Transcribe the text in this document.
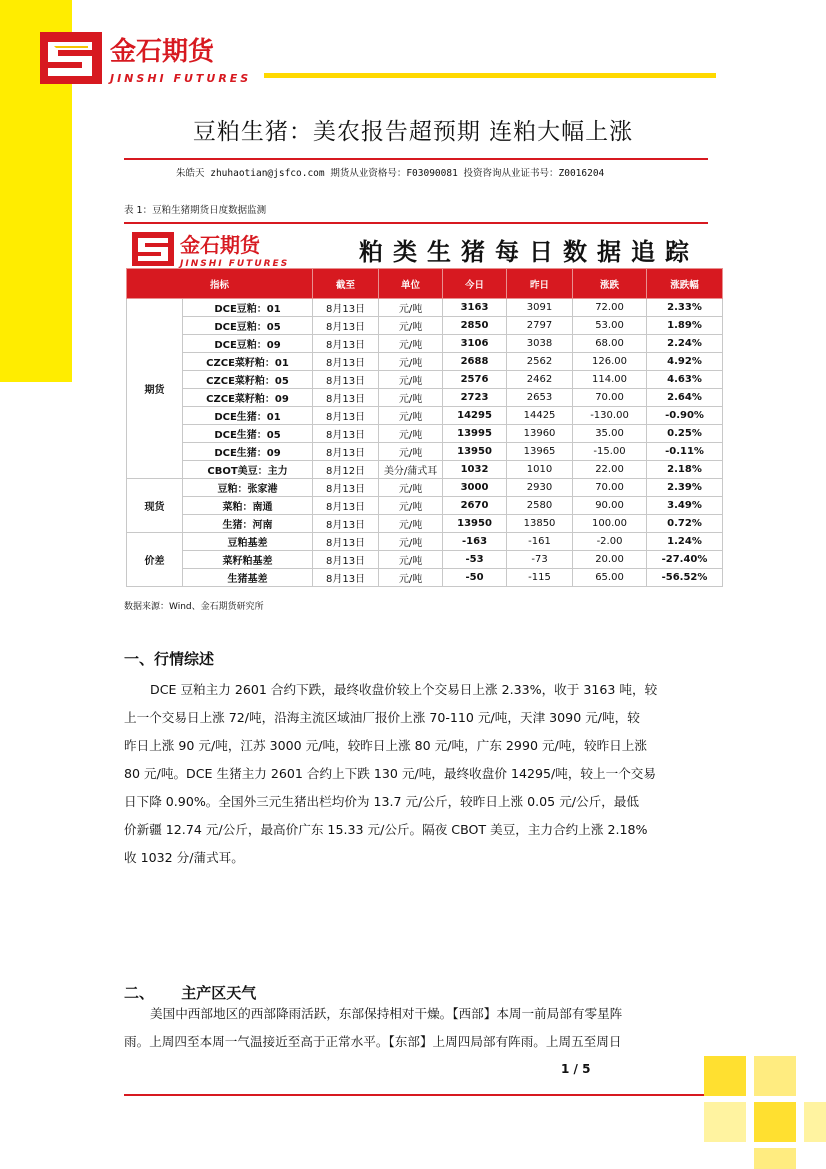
金石期货
JINSHI FUTURES
豆粕生猪：美农报告超预期 连粕大幅上涨
朱皓天 zhuhaotian@jsfco.com 期货从业资格号：F03090081 投资咨询从业证书号：Z0016204
表 1：豆粕生猪期货日度数据监测
金石期货
JINSHI FUTURES	粕类生猪每日数据追踪
指标		截至	单位	今日	昨日	涨跌	涨跌幅
期货	DCE豆粕：01	8月13日	元/吨	3163	3091	72.00	2.33%
	DCE豆粕：05	8月13日	元/吨	2850	2797	53.00	1.89%
	DCE豆粕：09	8月13日	元/吨	3106	3038	68.00	2.24%
	CZCE菜籽粕：01	8月13日	元/吨	2688	2562	126.00	4.92%
	CZCE菜籽粕：05	8月13日	元/吨	2576	2462	114.00	4.63%
	CZCE菜籽粕：09	8月13日	元/吨	2723	2653	70.00	2.64%
	DCE生猪：01	8月13日	元/吨	14295	14425	-130.00	-0.90%
	DCE生猪：05	8月13日	元/吨	13995	13960	35.00	0.25%
	DCE生猪：09	8月13日	元/吨	13950	13965	-15.00	-0.11%
	CBOT美豆：主力	8月12日	美分/蒲式耳	1032	1010	22.00	2.18%
现货	豆粕：张家港	8月13日	元/吨	3000	2930	70.00	2.39%
	菜粕：南通	8月13日	元/吨	2670	2580	90.00	3.49%
	生猪：河南	8月13日	元/吨	13950	13850	100.00	0.72%
价差	豆粕基差	8月13日	元/吨	-163	-161	-2.00	1.24%
	菜籽粕基差	8月13日	元/吨	-53	-73	20.00	-27.40%
	生猪基差	8月13日	元/吨	-50	-115	65.00	-56.52%
数据来源：Wind、金石期货研究所
一、行情综述
DCE 豆粕主力 2601 合约下跌，最终收盘价较上个交易日上涨 2.33%，收于 3163 吨，较
上一个交易日上涨 72/吨，沿海主流区域油厂报价上涨 70-110 元/吨，天津 3090 元/吨，较
昨日上涨 90 元/吨，江苏 3000 元/吨，较昨日上涨 80 元/吨，广东 2990 元/吨，较昨日上涨
80 元/吨。DCE 生猪主力 2601 合约上下跌 130 元/吨，最终收盘价 14295/吨，较上一个交易
日下降 0.90%。全国外三元生猪出栏均价为 13.7 元/公斤，较昨日上涨 0.05 元/公斤，最低
价新疆 12.74 元/公斤，最高价广东 15.33 元/公斤。隔夜 CBOT 美豆，主力合约上涨 2.18%
收 1032 分/蒲式耳。
二、 主产区天气
美国中西部地区的西部降雨活跃，东部保持相对干燥。【西部】本周一前局部有零星阵
雨。上周四至本周一气温接近至高于正常水平。【东部】上周四局部有阵雨。上周五至周日
1 / 5
